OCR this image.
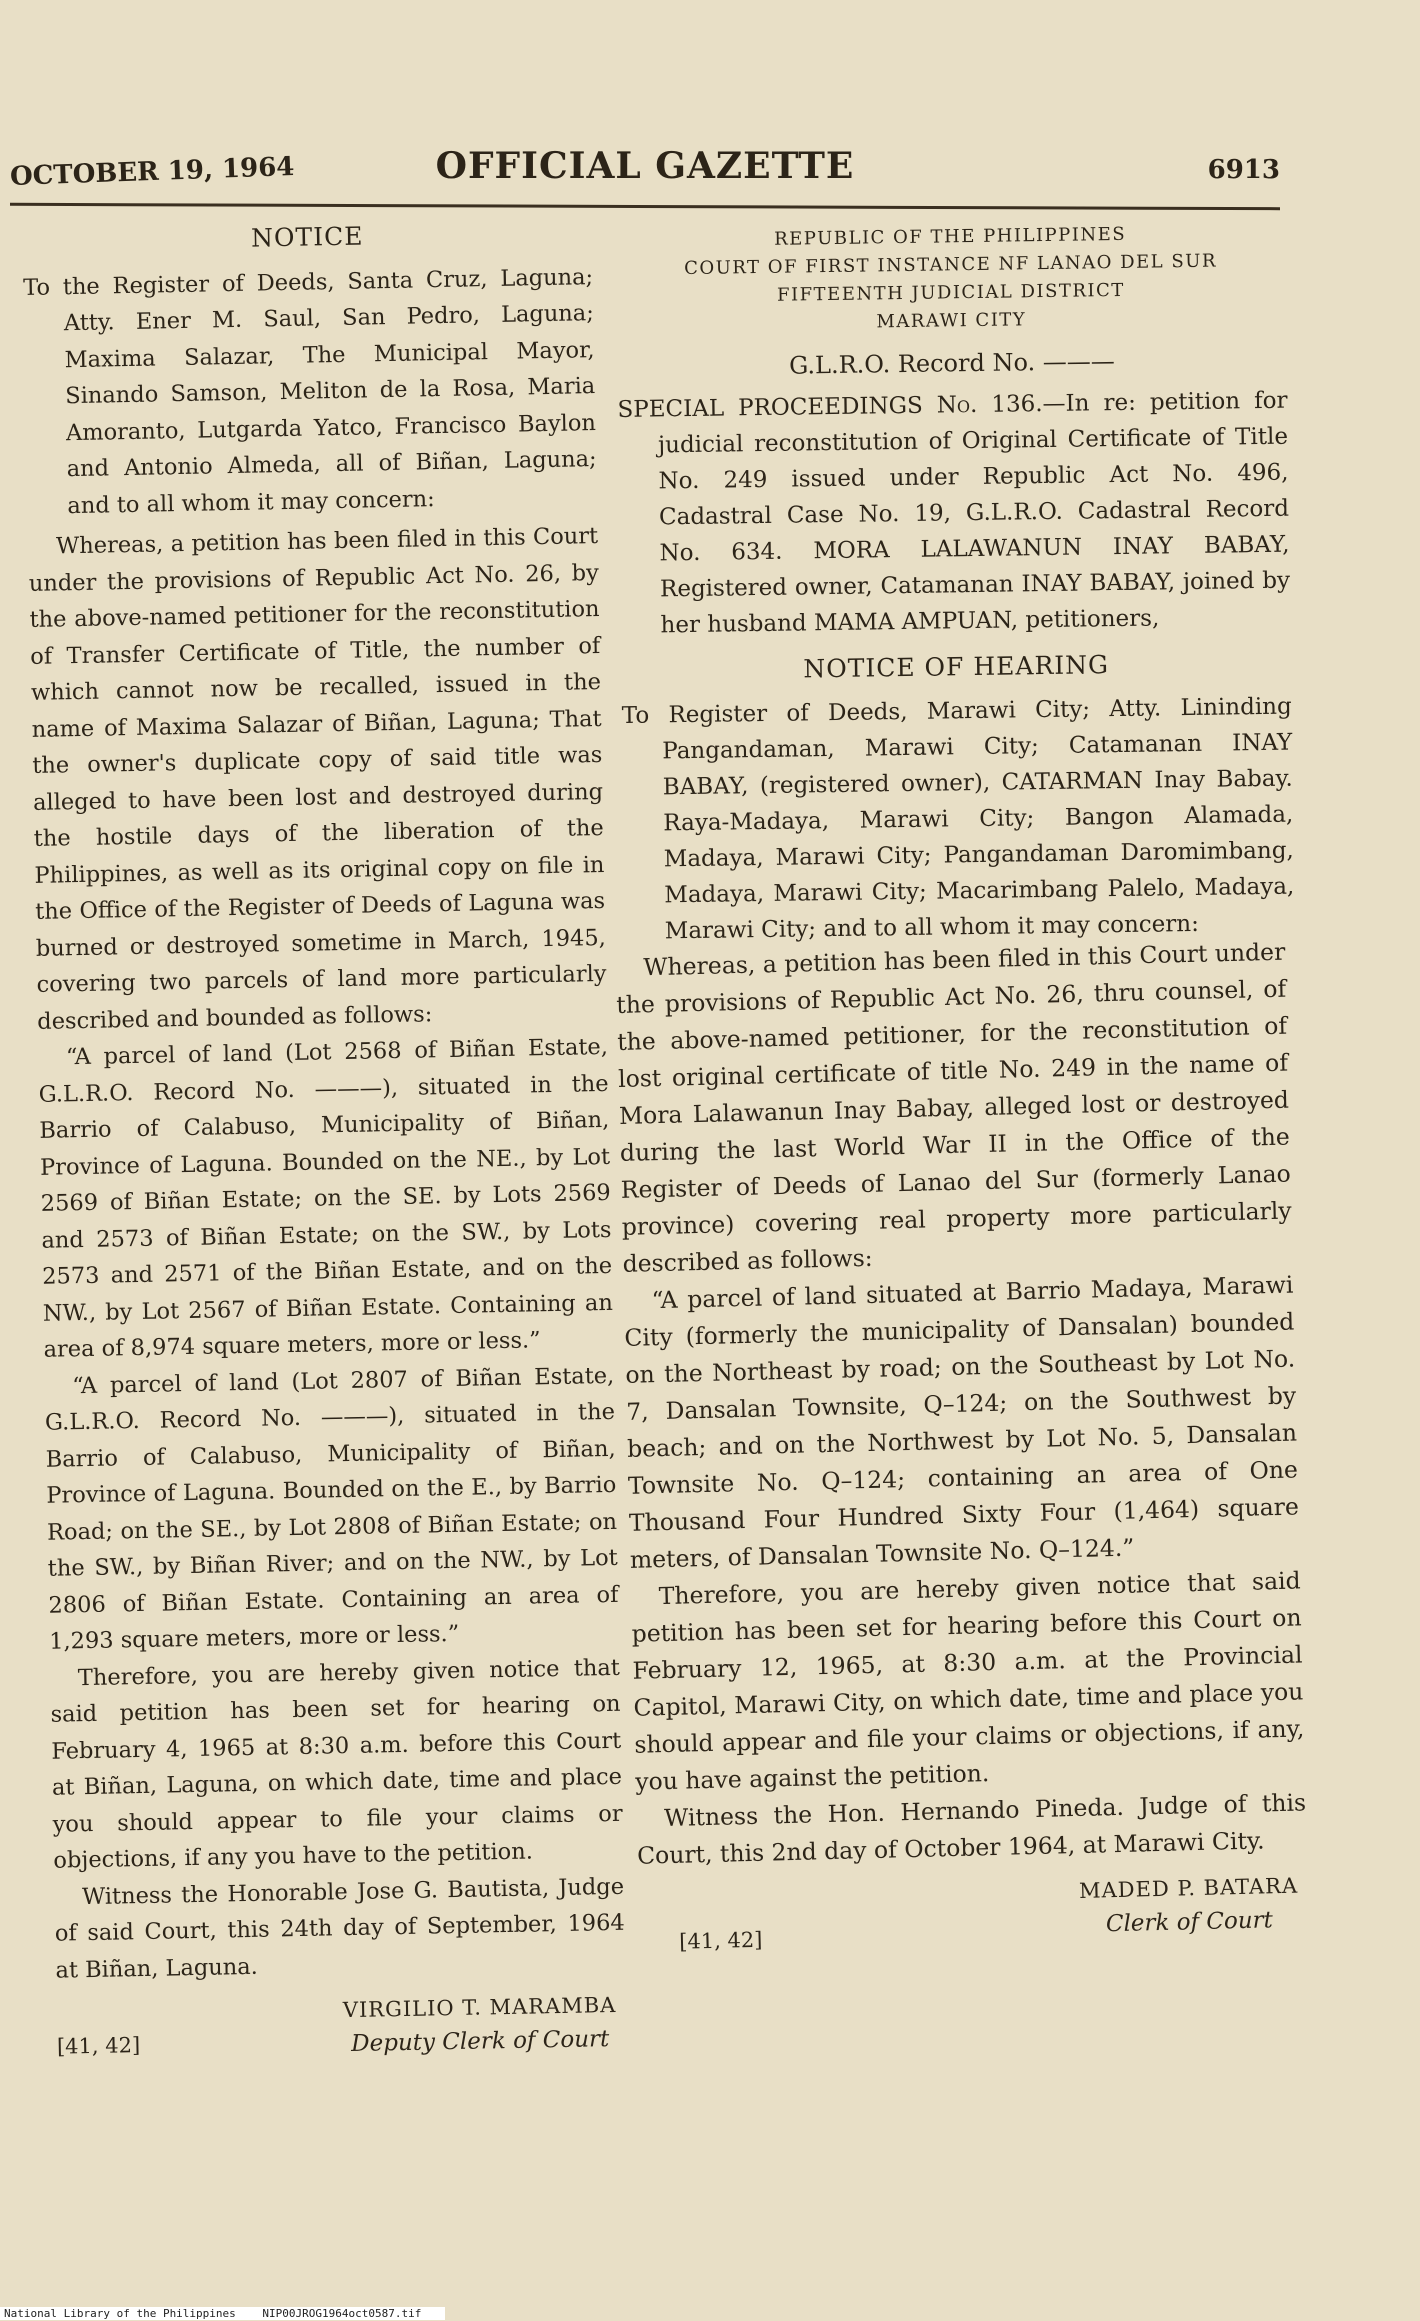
OCTOBER 19, 1964	OFFICIAL GAZETTE	6913
NOTICE

To the Register of Deeds, Santa Cruz, Laguna; Atty. Ener M. Saul, San Pedro, Laguna; Maxima Salazar, The Municipal Mayor, Sinando Samson, Meliton de la Rosa, Maria Amoranto, Lutgarda Yatco, Francisco Baylon and Antonio Almeda, all of Biñan, Laguna; and to all whom it may concern:

Whereas, a petition has been filed in this Court under the provisions of Republic Act No. 26, by the above-named petitioner for the reconstitution of Transfer Certificate of Title, the number of which cannot now be recalled, issued in the name of Maxima Salazar of Biñan, Laguna; That the owner's duplicate copy of said title was alleged to have been lost and destroyed during the hostile days of the liberation of the Philippines, as well as its original copy on file in the Office of the Register of Deeds of Laguna was burned or destroyed sometime in March, 1945, covering two parcels of land more particularly described and bounded as follows:

“A parcel of land (Lot 2568 of Biñan Estate, G.L.R.O. Record No. ———), situated in the Barrio of Calabuso, Municipality of Biñan, Province of Laguna. Bounded on the NE., by Lot 2569 of Biñan Estate; on the SE. by Lots 2569 and 2573 of Biñan Estate; on the SW., by Lots 2573 and 2571 of the Biñan Estate, and on the NW., by Lot 2567 of Biñan Estate. Containing an area of 8,974 square meters, more or less.”

“A parcel of land (Lot 2807 of Biñan Estate, G.L.R.O. Record No. ———), situated in the Barrio of Calabuso, Municipality of Biñan, Province of Laguna. Bounded on the E., by Barrio Road; on the SE., by Lot 2808 of Biñan Estate; on the SW., by Biñan River; and on the NW., by Lot 2806 of Biñan Estate. Containing an area of 1,293 square meters, more or less.”

Therefore, you are hereby given notice that said petition has been set for hearing on February 4, 1965 at 8:30 a.m. before this Court at Biñan, Laguna, on which date, time and place you should appear to file your claims or objections, if any you have to the petition.

Witness the Honorable Jose G. Bautista, Judge of said Court, this 24th day of September, 1964 at Biñan, Laguna.

[41, 42]
VIRGILIO T. MARAMBA
Deputy Clerk of Court
REPUBLIC OF THE PHILIPPINES
COURT OF FIRST INSTANCE NF LANAO DEL SUR
FIFTEENTH JUDICIAL DISTRICT
MARAWI CITY
G.L.R.O. Record No. ———

SPECIAL PROCEEDINGS No. 136.—In re: petition for judicial reconstitution of Original Certificate of Title No. 249 issued under Republic Act No. 496, Cadastral Case No. 19, G.L.R.O. Cadastral Record No. 634. MORA LALAWANUN INAY BABAY, Registered owner, Catamanan INAY BABAY, joined by her husband MAMA AMPUAN, petitioners,

NOTICE OF HEARING

To Register of Deeds, Marawi City; Atty. Lininding Pangandaman, Marawi City; Catamanan INAY BABAY, (registered owner), CATARMAN Inay Babay. Raya-Madaya, Marawi City; Bangon Alamada, Madaya, Marawi City; Pangandaman Daromimbang, Madaya, Marawi City; Macarimbang Palelo, Madaya, Marawi City; and to all whom it may concern:

Whereas, a petition has been filed in this Court under the provisions of Republic Act No. 26, thru counsel, of the above-named petitioner, for the reconstitution of lost original certificate of title No. 249 in the name of Mora Lalawanun Inay Babay, alleged lost or destroyed during the last World War II in the Office of the Register of Deeds of Lanao del Sur (formerly Lanao province) covering real property more particularly described as follows:

“A parcel of land situated at Barrio Madaya, Marawi City (formerly the municipality of Dansalan) bounded on the Northeast by road; on the Southeast by Lot No. 7, Dansalan Townsite, Q–124; on the Southwest by beach; and on the Northwest by Lot No. 5, Dansalan Townsite No. Q–124; containing an area of One Thousand Four Hundred Sixty Four (1,464) square meters, of Dansalan Townsite No. Q–124.”

Therefore, you are hereby given notice that said petition has been set for hearing before this Court on February 12, 1965, at 8:30 a.m. at the Provincial Capitol, Marawi City, on which date, time and place you should appear and file your claims or objections, if any, you have against the petition.

Witness the Hon. Hernando Pineda. Judge of this Court, this 2nd day of October 1964, at Marawi City.

[41, 42]
MADED P. BATARA
Clerk of Court
National Library of the Philippines NIP00JROG1964oct0587.tif
